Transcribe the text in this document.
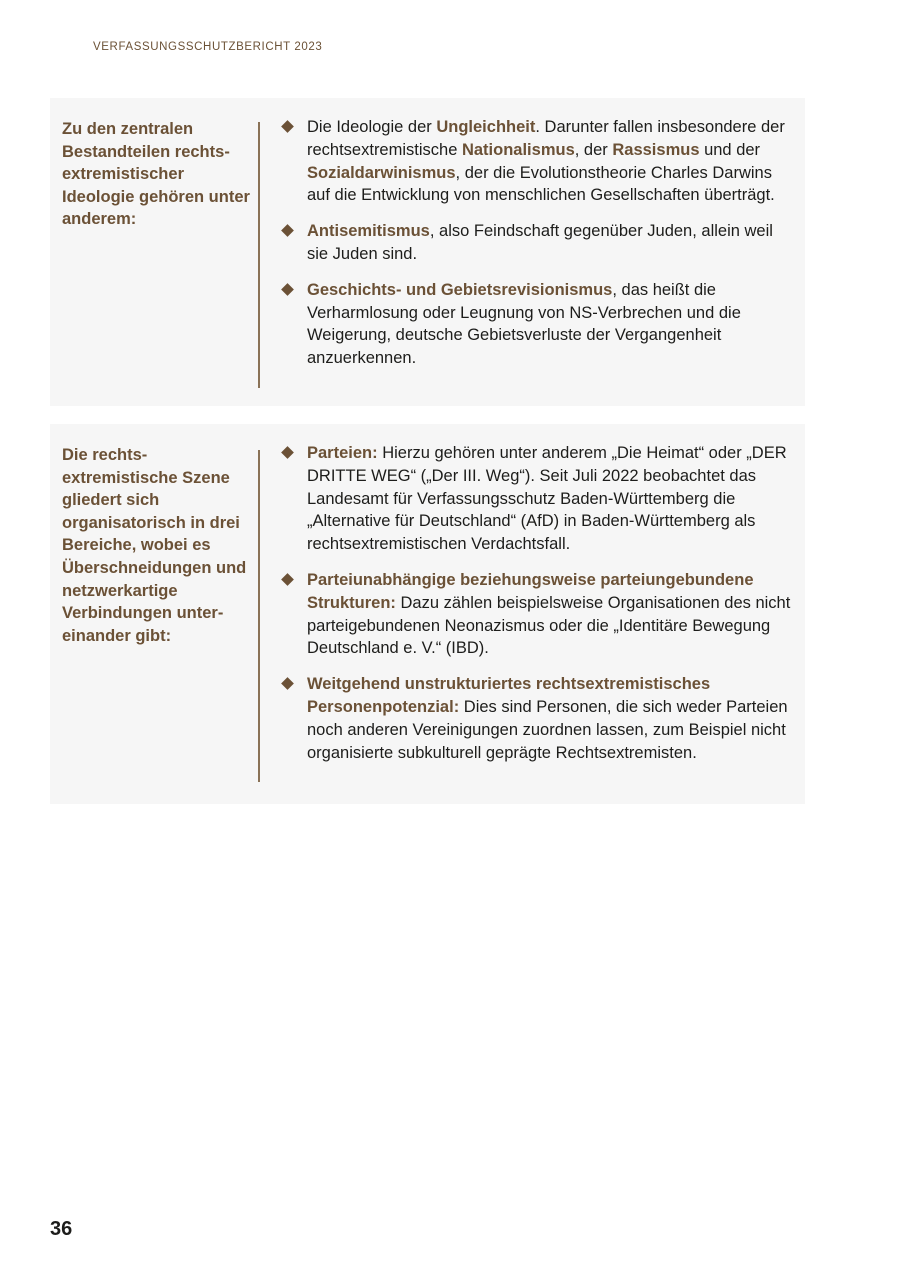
VERFASSUNGSSCHUTZBERICHT 2023
Zu den zentralen Bestandteilen rechtsextremistischer Ideologie gehören unter anderem:
Die Ideologie der Ungleichheit. Darunter fallen insbesondere der rechtsextremistische Nationalismus, der Rassismus und der Sozialdarwinismus, der die Evolutionstheorie Charles Darwins auf die Entwicklung von menschlichen Gesellschaften überträgt.
Antisemitismus, also Feindschaft gegenüber Juden, allein weil sie Juden sind.
Geschichts- und Gebietsrevisionismus, das heißt die Verharmlosung oder Leugnung von NS-Verbrechen und die Weigerung, deutsche Gebietsverluste der Vergangenheit anzuerkennen.
Die rechtsextremistische Szene gliedert sich organisatorisch in drei Bereiche, wobei es Überschneidungen und netzwerkartige Verbindungen untereinander gibt:
Parteien: Hierzu gehören unter anderem „Die Heimat“ oder „DER DRITTE WEG“ („Der III. Weg“). Seit Juli 2022 beobachtet das Landesamt für Verfassungsschutz Baden-Württemberg die „Alternative für Deutschland“ (AfD) in Baden-Württemberg als rechtsextremistischen Verdachtsfall.
Parteiunabhängige beziehungsweise parteiungebundene Strukturen: Dazu zählen beispielsweise Organisationen des nicht parteigebundenen Neonazismus oder die „Identitäre Bewegung Deutschland e. V.“ (IBD).
Weitgehend unstrukturiertes rechtsextremistisches Personenpotenzial: Dies sind Personen, die sich weder Parteien noch anderen Vereinigungen zuordnen lassen, zum Beispiel nicht organisierte subkulturell geprägte Rechtsextremisten.
36
